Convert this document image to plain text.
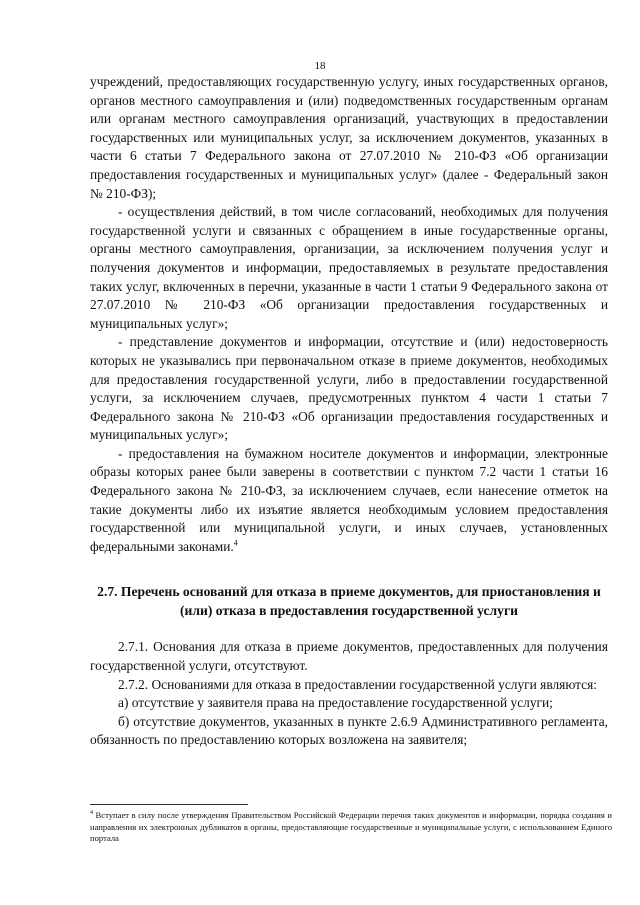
18

учреждений, предоставляющих государственную услугу, иных государственных органов, органов местного самоуправления и (или) подведомственных государственным органам или органам местного самоуправления организаций, участвующих в предоставлении государственных или муниципальных услуг, за исключением документов, указанных в части 6 статьи 7 Федерального закона от 27.07.2010 № 210-ФЗ «Об организации предоставления государственных и муниципальных услуг» (далее - Федеральный закон № 210-ФЗ);

- осуществления действий, в том числе согласований, необходимых для получения государственной услуги и связанных с обращением в иные государственные органы, органы местного самоуправления, организации, за исключением получения услуг и получения документов и информации, предоставляемых в результате предоставления таких услуг, включенных в перечни, указанные в части 1 статьи 9 Федерального закона от 27.07.2010 № 210-ФЗ «Об организации предоставления государственных и муниципальных услуг»;

- представление документов и информации, отсутствие и (или) недостоверность которых не указывались при первоначальном отказе в приеме документов, необходимых для предоставления государственной услуги, либо в предоставлении государственной услуги, за исключением случаев, предусмотренных пунктом 4 части 1 статьи 7 Федерального закона № 210-ФЗ «Об организации предоставления государственных и муниципальных услуг»;

- предоставления на бумажном носителе документов и информации, электронные образы которых ранее были заверены в соответствии с пунктом 7.2 части 1 статьи 16 Федерального закона № 210-ФЗ, за исключением случаев, если нанесение отметок на такие документы либо их изъятие является необходимым условием предоставления государственной или муниципальной услуги, и иных случаев, установленных федеральными законами.$^4$

2.7. Перечень оснований для отказа в приеме документов, для приостановления и (или) отказа в предоставления государственной услуги

2.7.1. Основания для отказа в приеме документов, предоставленных для получения государственной услуги, отсутствуют.

2.7.2. Основаниями для отказа в предоставлении государственной услуги являются:

а) отсутствие у заявителя права на предоставление государственной услуги;

б) отсутствие документов, указанных в пункте 2.6.9 Административного регламента, обязанность по предоставлению которых возложена на заявителя;

$^4$ Вступает в силу после утверждения Правительством Российской Федерации перечня таких документов и информации, порядка создания и направления их электронных дубликатов в органы, предоставляющие государственные и муниципальные услуги, с использованием Единого портала
